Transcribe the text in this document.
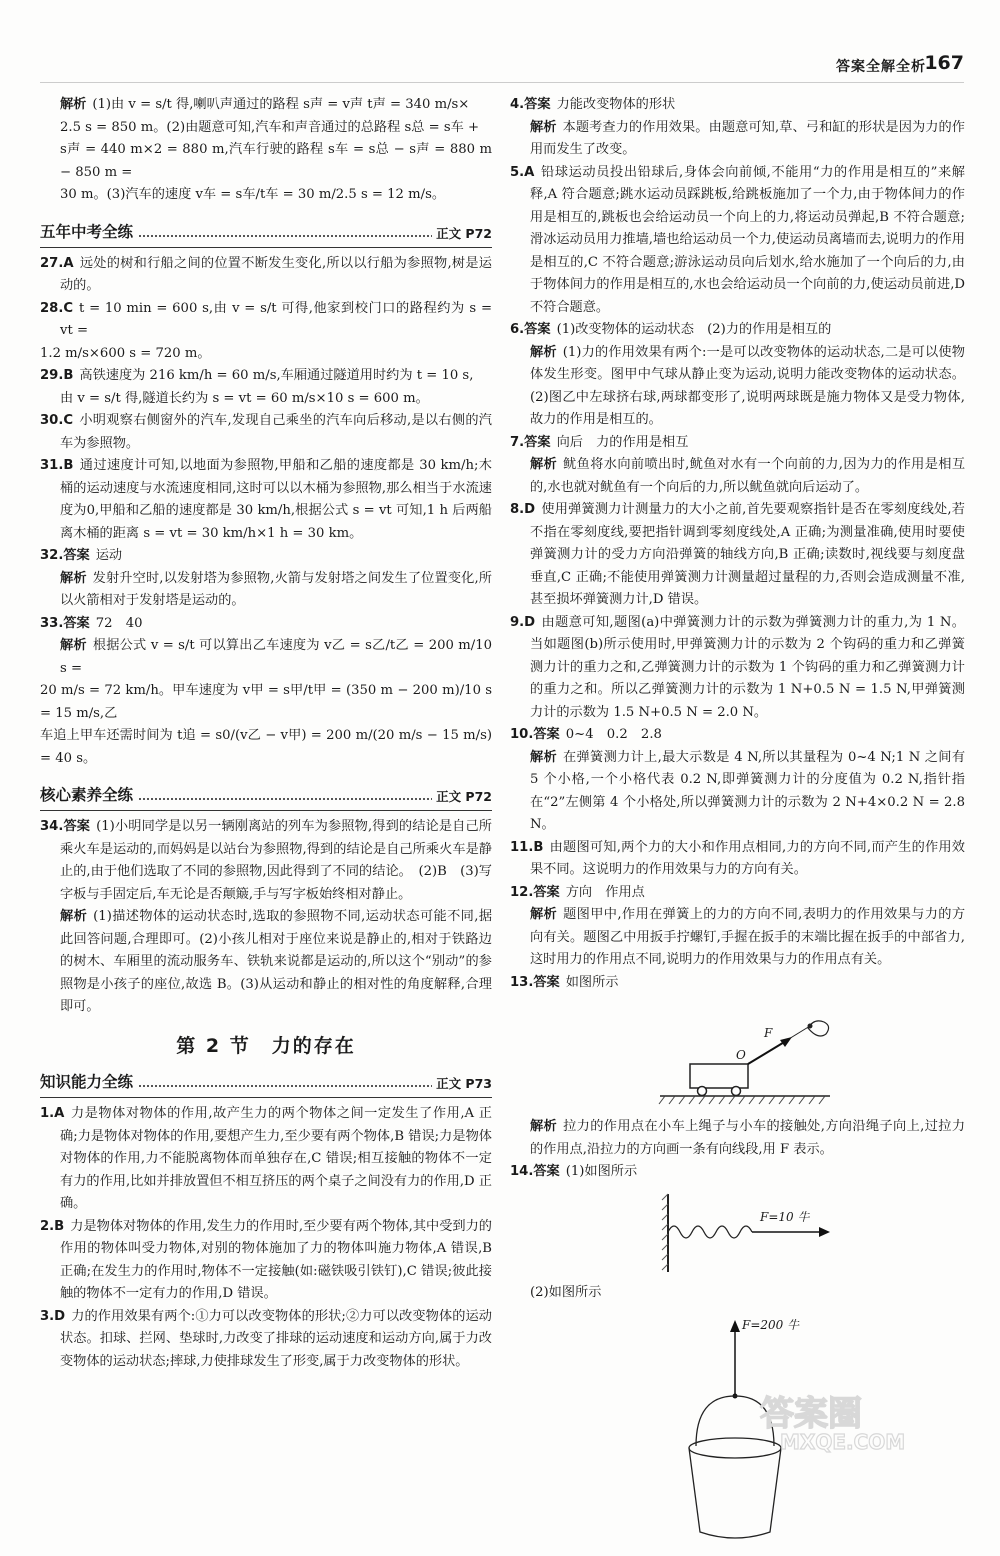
答案全解全析
167

解析 (1)由 v = s/t 得,喇叭声通过的路程 s声 = v声 t声 = 340 m/s×

2.5 s = 850 m。(2)由题意可知,汽车和声音通过的总路程 s总 = s车 +

s声 = 440 m×2 = 880 m,汽车行驶的路程 s车 = s总 − s声 = 880 m − 850 m =

30 m。(3)汽车的速度 v车 = s车/t车 = 30 m/2.5 s = 12 m/s。

五年中考全练	正文 P72

27.A 远处的树和行船之间的位置不断发生变化,所以以行船为参照物,树是运动的。

28.C t = 10 min = 600 s,由 v = s/t 可得,他家到校门口的路程约为 s = vt =

1.2 m/s×600 s = 720 m。

29.B 高铁速度为 216 km/h = 60 m/s,车厢通过隧道用时约为 t = 10 s,

由 v = s/t 得,隧道长约为 s = vt = 60 m/s×10 s = 600 m。

30.C 小明观察右侧窗外的汽车,发现自己乘坐的汽车向后移动,是以右侧的汽车为参照物。

31.B 通过速度计可知,以地面为参照物,甲船和乙船的速度都是 30 km/h;木桶的运动速度与水流速度相同,这时可以以木桶为参照物,那么相当于水流速度为0,甲船和乙船的速度都是 30 km/h,根据公式 s = vt 可知,1 h 后两船离木桶的距离 s = vt = 30 km/h×1 h = 30 km。

32.答案 运动

解析 发射升空时,以发射塔为参照物,火箭与发射塔之间发生了位置变化,所以火箭相对于发射塔是运动的。

33.答案 72　40

解析 根据公式 v = s/t 可以算出乙车速度为 v乙 = s乙/t乙 = 200 m/10 s =

20 m/s = 72 km/h。甲车速度为 v甲 = s甲/t甲 = (350 m − 200 m)/10 s = 15 m/s,乙

车追上甲车还需时间为 t追 = s0/(v乙 − v甲) = 200 m/(20 m/s − 15 m/s) = 40 s。

核心素养全练	正文 P72

34.答案 (1)小明同学是以另一辆刚离站的列车为参照物,得到的结论是自己所乘火车是运动的,而妈妈是以站台为参照物,得到的结论是自己所乘火车是静止的,由于他们选取了不同的参照物,因此得到了不同的结论。　(2)B　(3)写字板与手固定后,车无论是否颠簸,手与写字板始终相对静止。

解析 (1)描述物体的运动状态时,选取的参照物不同,运动状态可能不同,据此回答问题,合理即可。(2)小孩儿相对于座位来说是静止的,相对于铁路边的树木、车厢里的流动服务车、铁轨来说都是运动的,所以这个“别动”的参照物是小孩子的座位,故选 B。(3)从运动和静止的相对性的角度解释,合理即可。

第 2 节　力的存在
知识能力全练	正文 P73

1.A 力是物体对物体的作用,故产生力的两个物体之间一定发生了作用,A 正确;力是物体对物体的作用,要想产生力,至少要有两个物体,B 错误;力是物体对物体的作用,力不能脱离物体而单独存在,C 错误;相互接触的物体不一定有力的作用,比如并排放置但不相互挤压的两个桌子之间没有力的作用,D 正确。

2.B 力是物体对物体的作用,发生力的作用时,至少要有两个物体,其中受到力的作用的物体叫受力物体,对别的物体施加了力的物体叫施力物体,A 错误,B 正确;在发生力的作用时,物体不一定接触(如:磁铁吸引铁钉),C 错误;彼此接触的物体不一定有力的作用,D 错误。

3.D 力的作用效果有两个:①力可以改变物体的形状;②力可以改变物体的运动状态。扣球、拦网、垫球时,力改变了排球的运动速度和运动方向,属于力改变物体的运动状态;摔球,力使排球发生了形变,属于力改变物体的形状。

4.答案 力能改变物体的形状

解析 本题考查力的作用效果。由题意可知,草、弓和缸的形状是因为力的作用而发生了改变。

5.A 铅球运动员投出铅球后,身体会向前倾,不能用“力的作用是相互的”来解释,A 符合题意;跳水运动员踩跳板,给跳板施加了一个力,由于物体间力的作用是相互的,跳板也会给运动员一个向上的力,将运动员弹起,B 不符合题意;滑冰运动员用力推墙,墙也给运动员一个力,使运动员离墙而去,说明力的作用是相互的,C 不符合题意;游泳运动员向后划水,给水施加了一个向后的力,由于物体间力的作用是相互的,水也会给运动员一个向前的力,使运动员前进,D 不符合题意。

6.答案 (1)改变物体的运动状态　(2)力的作用是相互的

解析 (1)力的作用效果有两个:一是可以改变物体的运动状态,二是可以使物体发生形变。图甲中气球从静止变为运动,说明力能改变物体的运动状态。(2)图乙中左球挤右球,两球都变形了,说明两球既是施力物体又是受力物体,故力的作用是相互的。

7.答案 向后　力的作用是相互

解析 鱿鱼将水向前喷出时,鱿鱼对水有一个向前的力,因为力的作用是相互的,水也就对鱿鱼有一个向后的力,所以鱿鱼就向后运动了。

8.D 使用弹簧测力计测量力的大小之前,首先要观察指针是否在零刻度线处,若不指在零刻度线,要把指针调到零刻度线处,A 正确;为测量准确,使用时要使弹簧测力计的受力方向沿弹簧的轴线方向,B 正确;读数时,视线要与刻度盘垂直,C 正确;不能使用弹簧测力计测量超过量程的力,否则会造成测量不准,甚至损坏弹簧测力计,D 错误。

9.D 由题意可知,题图(a)中弹簧测力计的示数为弹簧测力计的重力,为 1 N。当如题图(b)所示使用时,甲弹簧测力计的示数为 2 个钩码的重力和乙弹簧测力计的重力之和,乙弹簧测力计的示数为 1 个钩码的重力和乙弹簧测力计的重力之和。所以乙弹簧测力计的示数为 1 N+0.5 N = 1.5 N,甲弹簧测力计的示数为 1.5 N+0.5 N = 2.0 N。

10.答案 0~4　0.2　2.8

解析 在弹簧测力计上,最大示数是 4 N,所以其量程为 0~4 N;1 N 之间有 5 个小格,一个小格代表 0.2 N,即弹簧测力计的分度值为 0.2 N,指针指在“2”左侧第 4 个小格处,所以弹簧测力计的示数为 2 N+4×0.2 N = 2.8 N。

11.B 由题图可知,两个力的大小和作用点相同,力的方向不同,而产生的作用效果不同。这说明力的作用效果与力的方向有关。

12.答案 方向　作用点

解析 题图甲中,作用在弹簧上的力的方向不同,表明力的作用效果与力的方向有关。题图乙中用扳手拧螺钉,手握在扳手的末端比握在扳手的中部省力,这时用力的作用点不同,说明力的作用效果与力的作用点有关。

13.答案 如图所示

O
F

解析 拉力的作用点在小车上绳子与小车的接触处,方向沿绳子向上,过拉力的作用点,沿拉力的方向画一条有向线段,用 F 表示。

14.答案 (1)如图所示

F=10 牛

(2)如图所示

F=200 牛
答案圈
MXQE.COM
